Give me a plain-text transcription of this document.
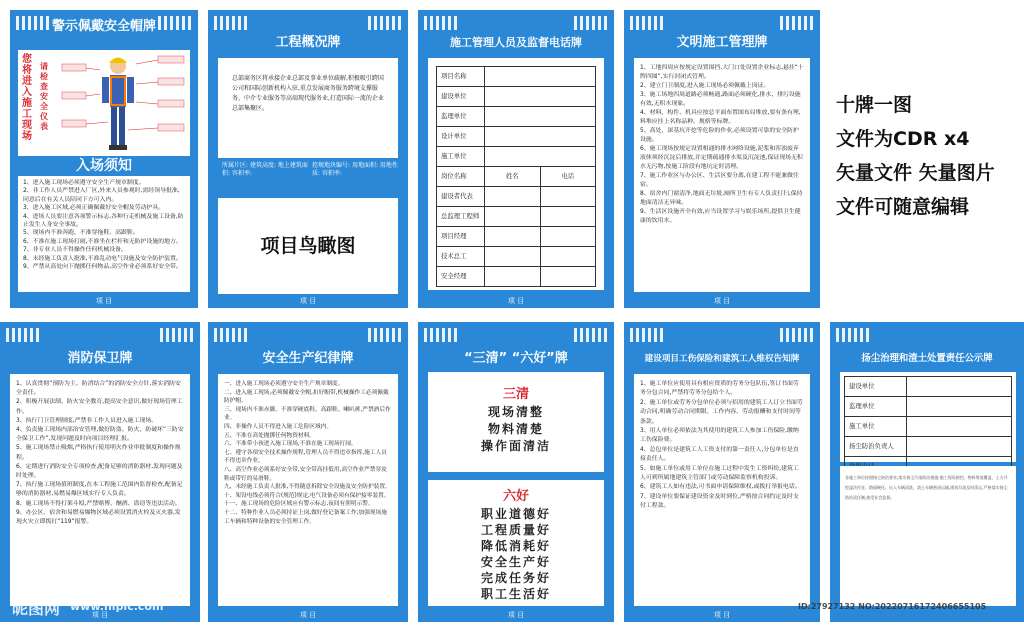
警示佩戴安全帽牌
您将进入施工现场
请检查安全仪表
入场须知
1、进入施工现场必须遵守安全生产规章制度。
2、非工作人员严禁进入厂区,外来人员参观时,需经领导批准,同意后在有关人员陪同下方可入内。
3、进入施工区域,必须正确佩戴好安全帽及劳动护具。
4、进场人员要注意各项警示标志,各种行走机械及施工设备,防止发生人身安全事故。
5、现场内不准奔跑、不准穿拖鞋、高跟鞋。
6、不准在施工现场打闹,不准坐在栏杆和无防护设施的地方。
7、非专业人员不得操作任何机械设备。
8、未经施工负责人批准,不准乱动电气设施及安全防护装置。
9、严禁从高处向下抛掷任何物品,高空作业必须系好安全带。
项 目
工程概况牌
总部商务区将承接企业总部及事业单位疏解,积极吸引跨国公司和国际创新机构入驻,重点发展商务服务跨境支撑服务、中介专业服务等高端现代服务业,打造国际一流的企业总部集聚区。
所属片区: 建筑高度: 地上建筑面积: 容积率:
控规地块编号: 用地面积: 用地性质: 容积率:
项目鸟瞰图
项 目
施工管理人员及监督电话牌
项目名称		
建设单位		
监理单位		
设计单位		
施工单位		
岗位名称	姓名	电话
建设者代表		
总监理工程师		
项目经理		
技术总工		
安全经理		
项 目
文明施工管理牌
1、工地四周应按规定设置围挡,大门口处设置企业标志,悬挂“十牌四图”,实行封闭式管理。
2、建立门卫制度,进入施工现场必须佩戴上岗证。
3、施工场地四周道路必须畅通,路面必须硬化,排水、排污设施有效,无积水现象。
4、材料、构件、机具应按总平面布置图布局堆放,要有条有理,料堆应挂上名称品种、规格等标牌。
5、高处、深基坑开挖等危险的作业,必须设置可靠的安全防护设施。
6、施工现场按规定设置相通的排水网络设施,泥浆和浑浊废弃液体须经沉淀后排放,并定期疏通排水渠及沉淀池,保证现场无积水无污物,按施工阶段有地坑定时清理。
7、施工作业区与办公区、生活区要分离,在建工程不能兼做住宿。
8、宿舍内门窗清净,地面无垃圾,厕所卫生有专人负责打扫,保持地面清洁无异味。
9、生活区设施齐全有效,应当设置学习与娱乐场所,提供卫生健康的饮用水。
项 目
消防保卫牌
1、认真贯彻“预防为主、防消结合”的消防安全方针,落实消防安全责任。
2、积极开展法制、防火安全教育,提高安全意识,做好现场管理工作。
3、执行门卫管理制度,严禁非工作人员进入施工现场。
4、负责施工现场内部治安管理,做好防盗、防火、防破坏“三防安全保卫工作”,发现问题及时向项目经理汇报。
5、施工现场禁止吸烟,严格执行使用明火作业审批制度和操作规程。
6、定期进行消防安全专项检查,配备足够的消防器材,发现问题及时处理。
7、执行施工现场值班制度,在本工程施工范围内监督检查,配备足够的消防器材,易燃易爆区域实行专人负责。
8、施工现场不得打架斗殴,严禁赌博、酗酒、盗窃等违法活动。
9、办公区、宿舍和易燃易爆物区域必须设置消火栓及灭火器,发现火灾立即拨打“119”报警。
项 目
安全生产纪律牌
一、进入施工现场必须遵守安全生产规章制度。
二、进入施工现场,必须佩戴安全帽,扣好帽带,机械操作工必须佩戴防护帽。
三、现场内不准赤脚、不准穿硬底鞋、高跟鞋、喇叭裤,严禁酒后作业。
四、非操作人员不得进入施工危险区域内。
五、不准在高处抛掷任何物资材料。
六、不准带小孩进入施工现场,不准在施工现场打闹。
七、遵守各项安全技术操作规程,管理人员不得违章指挥,施工人员不得违章作业。
八、高空作业必须系好安全带,安全带高挂低用,高空作业严禁穿皮鞋或带钉的易滑鞋。
九、未经施工负责人批准,不得随意拆除安全设施及安全防护装置。
十、架设电线必须符合(规范)规定,电气设备必须有保护接零装置。
十一、施工现场的危险区域应有警示标志,夜间有照明示警。
十二、特种作业人员必须持证上岗,做好登记备案工作;加强现场施工车辆和特种设备的安全管理工作。
项 目
“三清” “六好”牌
三清
现场清整
物料清楚
操作面清洁
六好
职业道德好
工程质量好
降低消耗好
安全生产好
完成任务好
职工生活好
项 目
建设项目工伤保险和建筑工人维权告知牌
1、施工单位应使用具有相应资质的劳务分包队伍,签订书面劳务分包合同,严禁将劳务分包给个人。
2、施工单位或劳务分包单位必须与招用的建筑工人订立书面劳动合同,明确劳动合同期限、工作内容、劳动报酬和支付时间等条款。
3、用人单位必须依法为其使用的建筑工人参加工伤保险,缴纳工伤保险费。
4、总包单位是建筑工人工资支付的第一责任人,分包单位是直接责任人。
5、如施工单位或用工单位在施工过程中发生工资纠纷,建筑工人可到所属地建筑主管部门或劳动保障监察机构投诉。
6、建筑工人如有违法,可书面申请保障维权,或拨打举报电话。
7、建设单位要保证建设资金及时到位,严格按合同约定及时支付工程款。
项 目
扬尘治理和渣土处置责任公示牌
建设单位	
监理单位	
施工单位	
扬尘防治负责人	

各施工单位按照扬尘防治要求,落实扬尘污染防治措施:施工现场围挡、物料堆放覆盖、土方开挖湿法作业、路面硬化、出入车辆清洗、渣土车辆密闭运输,建筑垃圾及时清运,严格落实扬尘防治责任制,接受社会监督。
十牌一图
文件为CDR x4
矢量文件 矢量图片
文件可随意编辑
昵图网 www.nipic.com	ID:27927132 NO:20220716172406655105
